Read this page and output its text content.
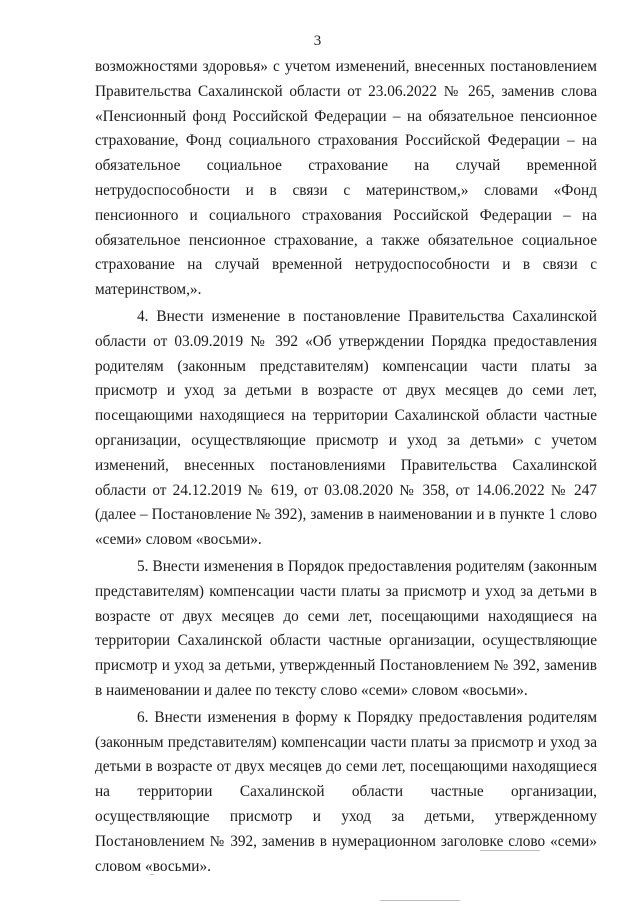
3

возможностями здоровья» с учетом изменений, внесенных постановлением Правительства Сахалинской области от 23.06.2022 № 265, заменив слова «Пенсионный фонд Российской Федерации – на обязательное пенсионное страхование, Фонд социального страхования Российской Федерации – на обязательное социальное страхование на случай временной нетрудоспособности и в связи с материнством,» словами «Фонд пенсионного и социального страхования Российской Федерации – на обязательное пенсионное страхование, а также обязательное социальное страхование на случай временной нетрудоспособности и в связи с материнством,».

4. Внести изменение в постановление Правительства Сахалинской области от 03.09.2019 № 392 «Об утверждении Порядка предоставления родителям (законным представителям) компенсации части платы за присмотр и уход за детьми в возрасте от двух месяцев до семи лет, посещающими находящиеся на территории Сахалинской области частные организации, осуществляющие присмотр и уход за детьми» с учетом изменений, внесенных постановлениями Правительства Сахалинской области от 24.12.2019 № 619, от 03.08.2020 № 358, от 14.06.2022 № 247 (далее – Постановление № 392), заменив в наименовании и в пункте 1 слово «семи» словом «восьми».

5. Внести изменения в Порядок предоставления родителям (законным представителям) компенсации части платы за присмотр и уход за детьми в возрасте от двух месяцев до семи лет, посещающими находящиеся на территории Сахалинской области частные организации, осуществляющие присмотр и уход за детьми, утвержденный Постановлением № 392, заменив в наименовании и далее по тексту слово «семи» словом «восьми».

6. Внести изменения в форму к Порядку предоставления родителям (законным представителям) компенсации части платы за присмотр и уход за детьми в возрасте от двух месяцев до семи лет, посещающими находящиеся на территории Сахалинской области частные организации, осуществляющие присмотр и уход за детьми, утвержденному Постановлением № 392, заменив в нумерационном заголовке слово «семи» словом «восьми».
